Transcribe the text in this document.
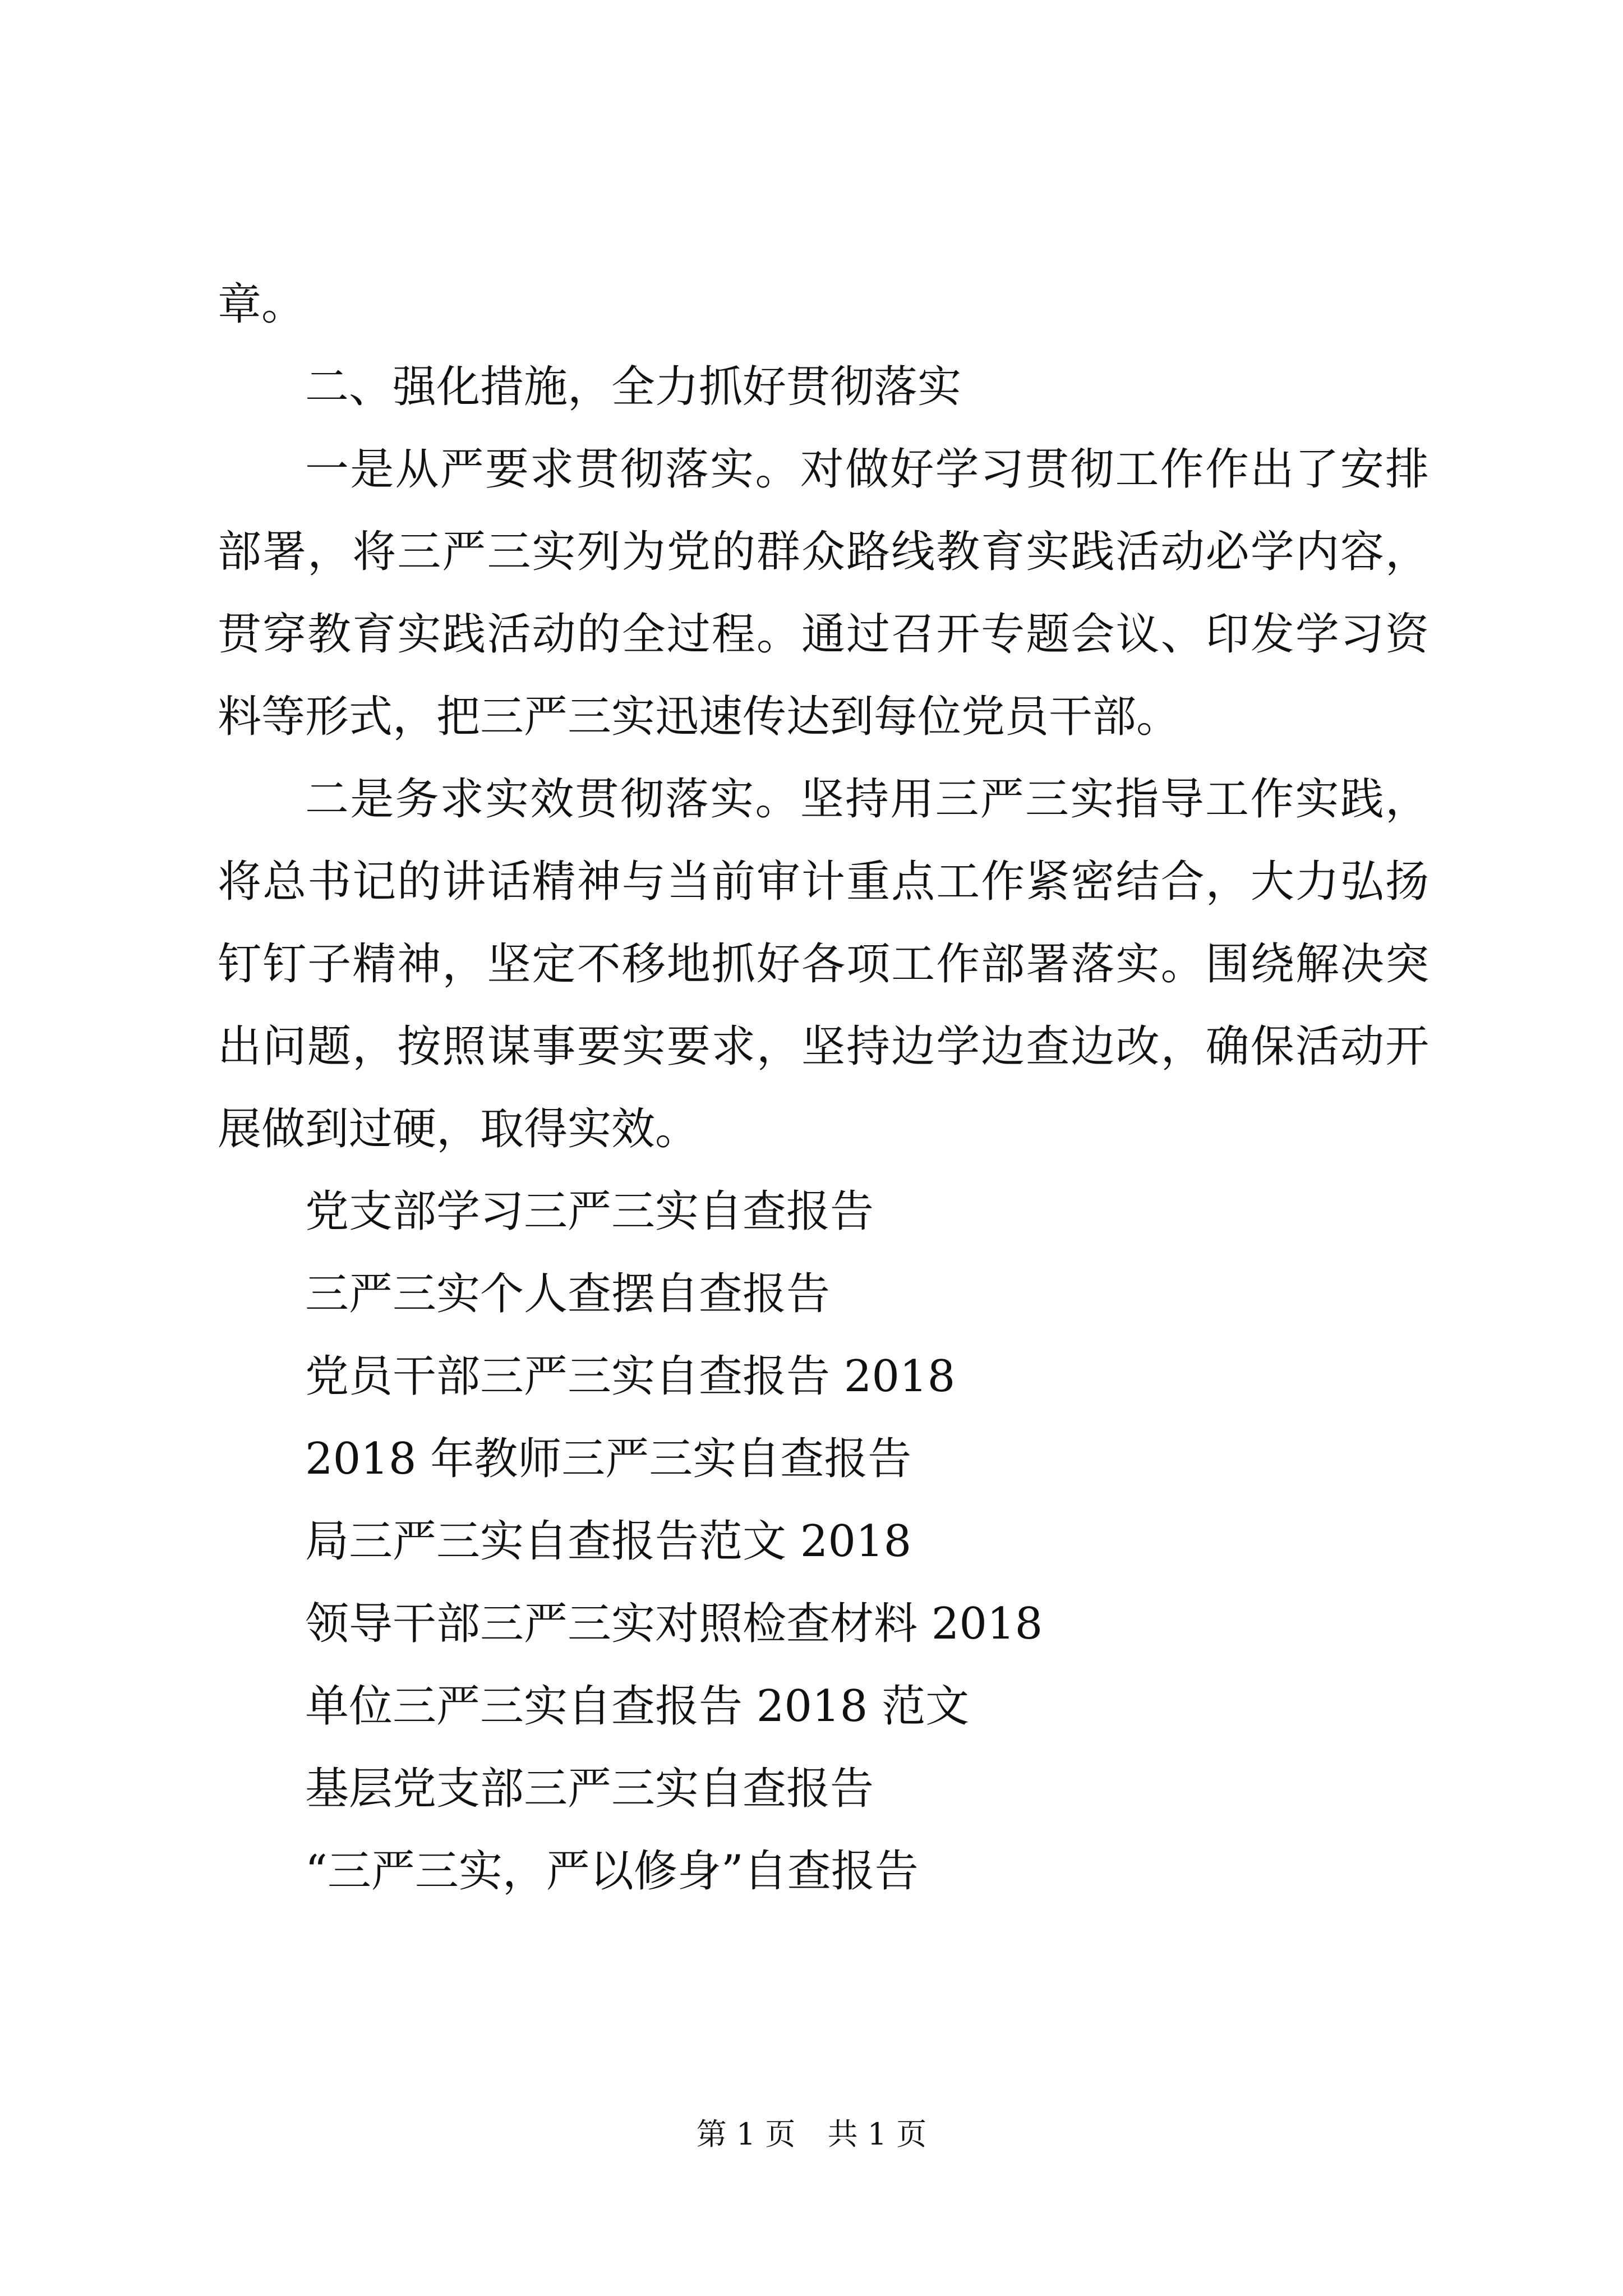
章。

二、强化措施，全力抓好贯彻落实

一是从严要求贯彻落实。对做好学习贯彻工作作出了安排部署，将三严三实列为党的群众路线教育实践活动必学内容，贯穿教育实践活动的全过程。通过召开专题会议、印发学习资料等形式，把三严三实迅速传达到每位党员干部。

二是务求实效贯彻落实。坚持用三严三实指导工作实践，将总书记的讲话精神与当前审计重点工作紧密结合，大力弘扬钉钉子精神，坚定不移地抓好各项工作部署落实。围绕解决突出问题，按照谋事要实要求，坚持边学边查边改，确保活动开展做到过硬，取得实效。

党支部学习三严三实自查报告
三严三实个人查摆自查报告
党员干部三严三实自查报告 2018
2018 年教师三严三实自查报告
局三严三实自查报告范文 2018
领导干部三严三实对照检查材料 2018
单位三严三实自查报告 2018 范文
基层党支部三严三实自查报告
“三严三实，严以修身”自查报告
第 1 页 共 1 页
